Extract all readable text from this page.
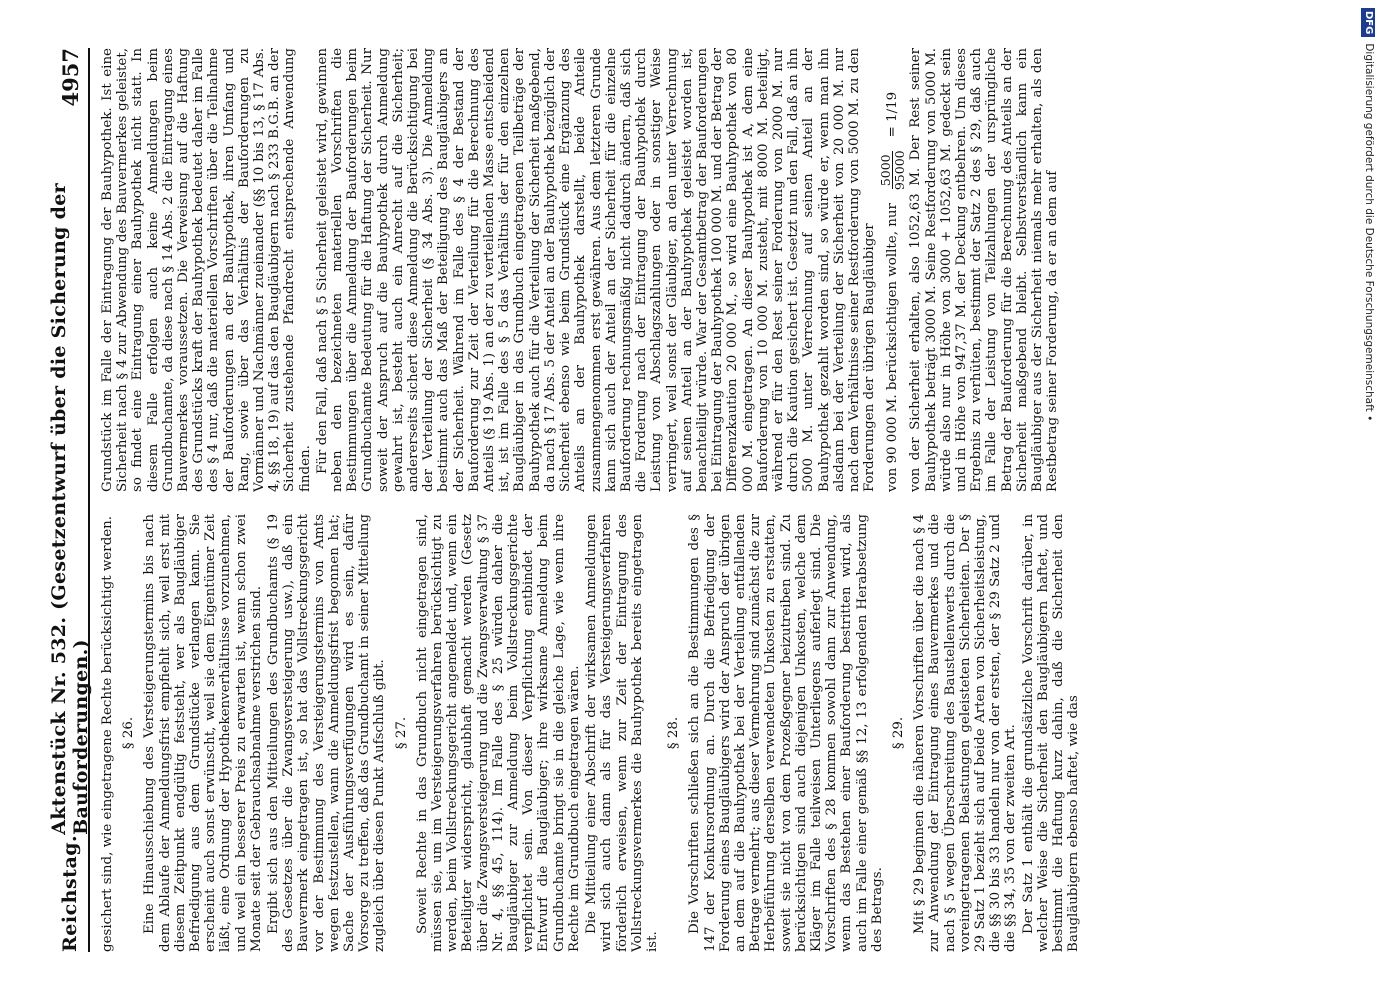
Reichstag.
Aktenstück Nr. 532. (Gesetzentwurf über die Sicherung der Bauforderungen.)
4957

gesichert sind, wie eingetragene Rechte berücksichtigt werden. § 26. Eine Hinausschiebung des Versteigerungstermins bis nach dem Ablaufe der Anmeldungsfrist empfiehlt sich, weil erst mit diesem Zeitpunkt endgültig feststeht, wer als Baugläubiger Befriedigung aus dem Grundstücke verlangen kann. Sie erscheint auch sonst erwünscht, weil sie dem Eigentümer Zeit läßt, eine Ordnung der Hypothekenverhältnisse vorzunehmen, und weil ein besserer Preis zu erwarten ist, wenn schon zwei Monate seit der Gebrauchsabnahme verstrichen sind. Ergibt sich aus den Mitteilungen des Grundbuchamts (§ 19 des Gesetzes über die Zwangsversteigerung usw.), daß ein Bauvermerk eingetragen ist, so hat das Vollstreckungsgericht vor der Bestimmung des Versteigerungstermins von Amts wegen festzustellen, wann die Anmeldungsfrist begonnen hat; Sache der Ausführungsverfügungen wird es sein, dafür Vorsorge zu treffen, daß das Grundbuchamt in seiner Mitteilung zugleich über diesen Punkt Aufschluß gibt. § 27. Soweit Rechte in das Grundbuch nicht eingetragen sind, müssen sie, um im Versteigerungsverfahren berücksichtigt zu werden, beim Vollstreckungsgericht angemeldet und, wenn ein Beteiligter widerspricht, glaubhaft gemacht werden (Gesetz über die Zwangsversteigerung und die Zwangsverwaltung § 37 Nr. 4, §§ 45, 114). Im Falle des § 25 würden daher die Baugläubiger zur Anmeldung beim Vollstreckungsgerichte verpflichtet sein. Von dieser Verpflichtung entbindet der Entwurf die Baugläubiger; ihre wirksame Anmeldung beim Grundbuchamte bringt sie in die gleiche Lage, wie wenn ihre Rechte im Grundbuch eingetragen wären. Die Mitteilung einer Abschrift der wirksamen Anmeldungen wird sich auch dann als für das Versteigerungsverfahren förderlich erweisen, wenn zur Zeit der Eintragung des Vollstreckungsvermerkes die Bauhypothek bereits eingetragen ist.

§ 28. Die Vorschriften schließen sich an die Bestimmungen des § 147 der Konkursordnung an. Durch die Befriedigung der Forderung eines Baugläubigers wird der Anspruch der übrigen an dem auf die Bauhypothek bei der Verteilung entfallenden Betrage vermehrt; aus dieser Vermehrung sind zunächst die zur Herbeiführung derselben verwendeten Unkosten zu erstatten, soweit sie nicht von dem Prozeßgegner beizutreiben sind. Zu berücksichtigen sind auch diejenigen Unkosten, welche dem Kläger im Falle teilweisen Unterliegens auferlegt sind. Die Vorschriften des § 28 kommen sowohl dann zur Anwendung, wenn das Bestehen einer Bauforderung bestritten wird, als auch im Falle einer gemäß §§ 12, 13 erfolgenden Herabsetzung des Betrags.

§ 29. Mit § 29 beginnen die näheren Vorschriften über die nach § 4 zur Anwendung der Eintragung eines Bauvermerkes und die nach § 5 wegen Überschreitung des Baustellenwerts durch die voreingetragenen Belastungen geleisteten Sicherheiten. Der § 29 Satz 1 bezieht sich auf beide Arten von Sicherheitsleistung, die §§ 30 bis 33 handeln nur von der ersten, der § 29 Satz 2 und die §§ 34, 35 von der zweiten Art. Der Satz 1 enthält die grundsätzliche Vorschrift darüber, in welcher Weise die Sicherheit den Baugläubigern haftet, und bestimmt die Haftung kurz dahin, daß die Sicherheit den Baugläubigern ebenso haftet, wie das

Grundstück im Falle der Eintragung der Bauhypothek. Ist eine Sicherheit nach § 4 zur Abwendung des Bauvermerkes geleistet, so findet eine Eintragung einer Bauhypothek nicht statt. In diesem Falle erfolgen auch keine Anmeldungen beim Grundbuchamte, da diese nach § 14 Abs. 2 die Eintragung eines Bauvermerkes voraussetzen. Die Verweisung auf die Haftung des Grundstücks kraft der Bauhypothek bedeutet daher im Falle des § 4 nur, daß die materiellen Vorschriften über die Teilnahme der Bauforderungen an der Bauhypothek, ihren Umfang und Rang, sowie über das Verhältnis der Bauforderungen zu Vormänner und Nachmänner zueinander (§§ 10 bis 13, § 17 Abs. 4, §§ 18, 19) auf das den Baugläubigern nach § 233 B.G.B. an der Sicherheit zustehende Pfandrecht entsprechende Anwendung finden. Für den Fall, daß nach § 5 Sicherheit geleistet wird, gewinnen neben den bezeichneten materiellen Vorschriften die Bestimmungen über die Anmeldung der Bauforderungen beim Grundbuchamte Bedeutung für die Haftung der Sicherheit. Nur soweit der Anspruch auf die Bauhypothek durch Anmeldung gewahrt ist, besteht auch ein Anrecht auf die Sicherheit; andererseits sichert diese Anmeldung die Berücksichtigung bei der Verteilung der Sicherheit (§ 34 Abs. 3). Die Anmeldung bestimmt auch das Maß der Beteiligung des Baugläubigers an der Sicherheit. Während im Falle des § 4 der Bestand der Bauforderung zur Zeit der Verteilung für die Berechnung des Anteils (§ 19 Abs. 1) an der zu verteilenden Masse entscheidend ist, ist im Falle des § 5 das Verhältnis der für den einzelnen Baugläubiger in das Grundbuch eingetragenen Teilbeträge der Bauhypothek auch für die Verteilung der Sicherheit maßgebend, da nach § 17 Abs. 5 der Anteil an der Bauhypothek bezüglich der Sicherheit ebenso wie beim Grundstück eine Ergänzung des Anteils an der Bauhypothek darstellt, beide Anteile zusammengenommen erst gewähren. Aus dem letzteren Grunde kann sich auch der Anteil an der Sicherheit für die einzelne Bauforderung rechnungsmäßig nicht dadurch ändern, daß sich die Forderung nach der Eintragung der Bauhypothek durch Leistung von Abschlagszahlungen oder in sonstiger Weise verringert, weil sonst der Gläubiger, an den unter Verrechnung auf seinen Anteil an der Bauhypothek geleistet worden ist, benachteiligt würde. War der Gesamtbetrag der Bauforderungen bei Eintragung der Bauhypothek 100 000 M. und der Betrag der Differenzkaution 20 000 M., so wird eine Bauhypothek von 80 000 M. eingetragen. An dieser Bauhypothek ist A, dem eine Bauforderung von 10 000 M. zusteht, mit 8000 M. beteiligt, während er für den Rest seiner Forderung von 2000 M. nur durch die Kaution gesichert ist. Gesetzt nun den Fall, daß an ihn 5000 M. unter Verrechnung auf seinen Anteil an der Bauhypothek gezahlt worden sind, so würde er, wenn man ihn alsdann bei der Verteilung der Sicherheit von 20 000 M. nur nach dem Verhältnisse seiner Restforderung von 5000 M. zu den Forderungen der übrigen Baugläubiger von 90 000 M. berücksichtigen wollte, nur
5000 95000
= 1/19 von der Sicherheit erhalten, also 1052,63 M. Der Rest seiner Bauhypothek beträgt 3000 M. Seine Restforderung von 5000 M. würde also nur in Höhe von 3000 + 1052,63 M. gedeckt sein und in Höhe von 947,37 M. der Deckung entbehren. Um dieses Ergebnis zu verhüten, bestimmt der Satz 2 des § 29, daß auch im Falle der Leistung von Teilzahlungen der ursprüngliche Betrag der Bauforderung für die Berechnung des Anteils an der Sicherheit maßgebend bleibt. Selbstverständlich kann ein Baugläubiger aus der Sicherheit niemals mehr erhalten, als den Restbetrag seiner Forderung, da er an dem auf

DFGDigitalisierung gefördert durch die Deutsche Forschungsgemeinschaft •
